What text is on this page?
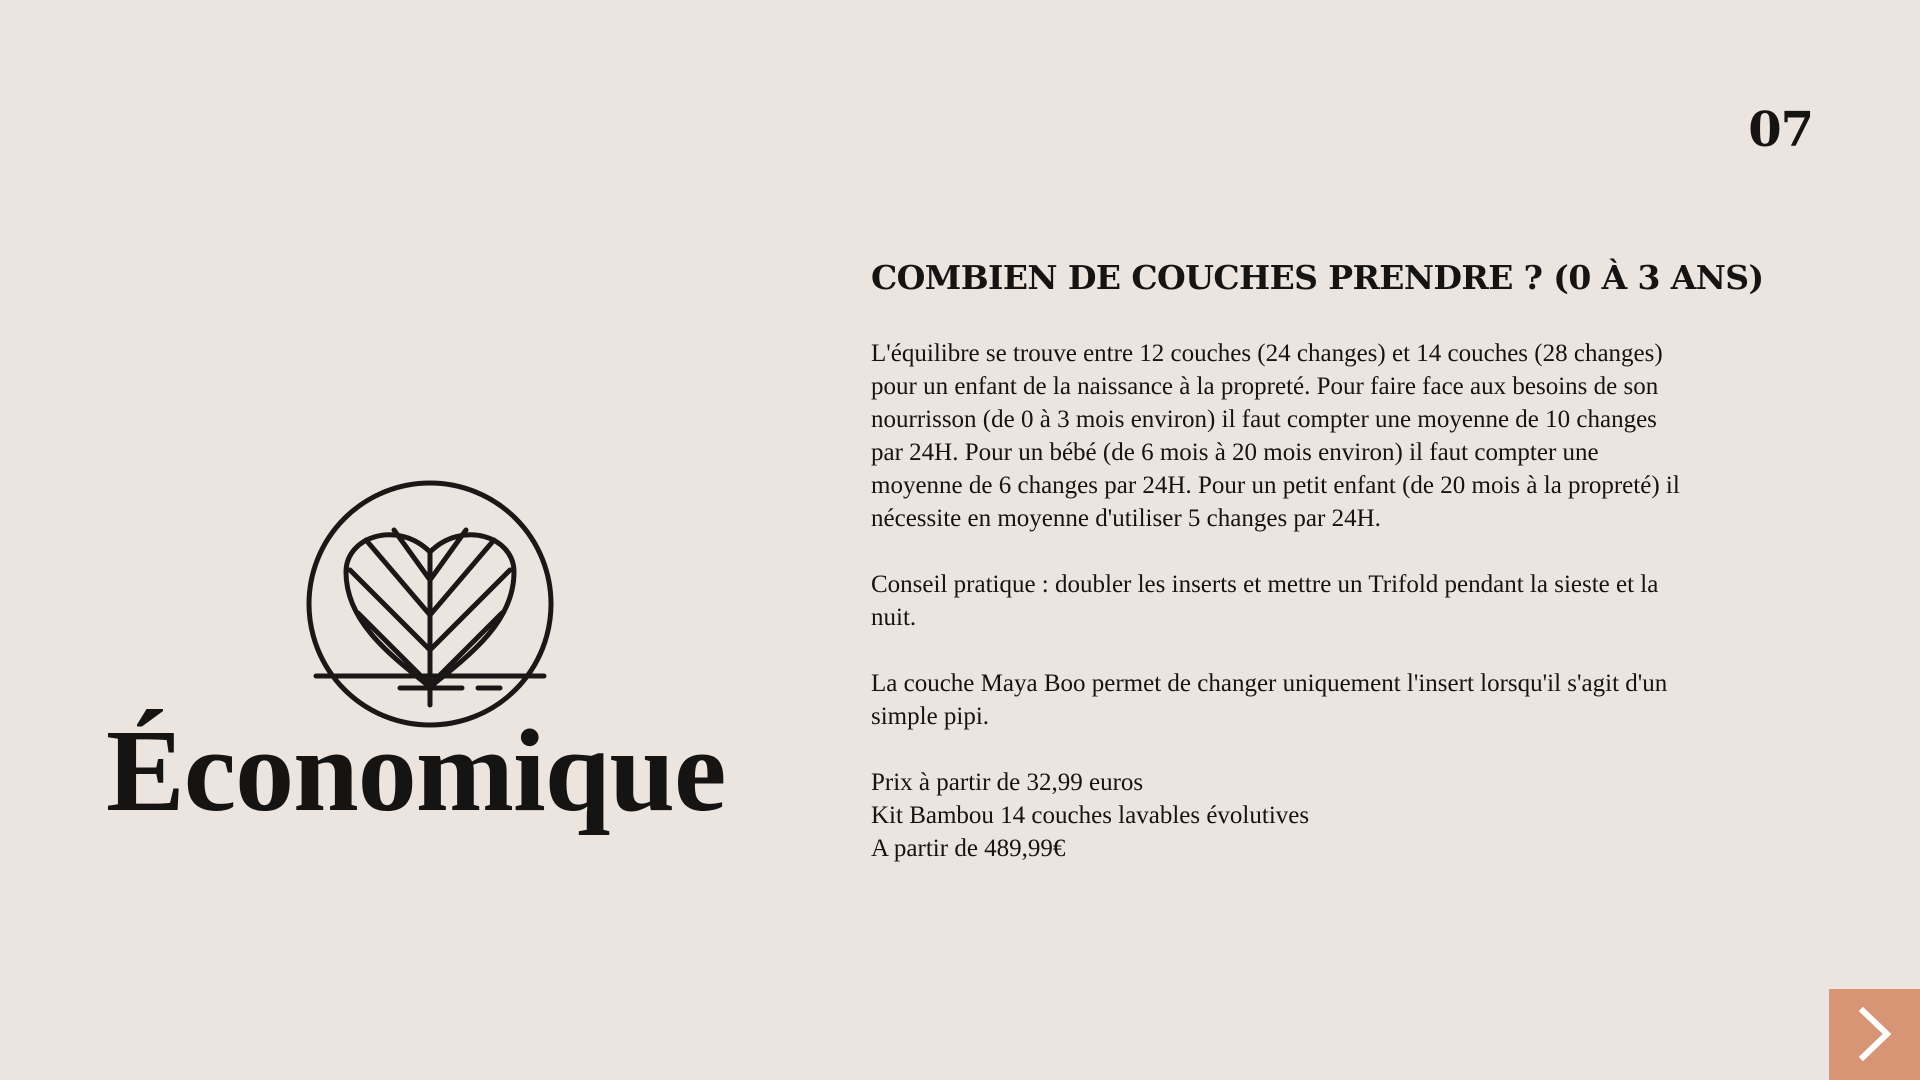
07
Économique
COMBIEN DE COUCHES PRENDRE ? (0 À 3 ANS)

L'équilibre se trouve entre 12 couches (24 changes) et 14 couches (28 changes) pour un enfant de la naissance à la propreté. Pour faire face aux besoins de son nourrisson (de 0 à 3 mois environ) il faut compter une moyenne de 10 changes par 24H. Pour un bébé (de 6 mois à 20 mois environ) il faut compter une moyenne de 6 changes par 24H. Pour un petit enfant (de 20 mois à la propreté) il nécessite en moyenne d'utiliser 5 changes par 24H.

Conseil pratique : doubler les inserts et mettre un Trifold pendant la sieste et la nuit.

La couche Maya Boo permet de changer uniquement l'insert lorsqu'il s'agit d'un simple pipi.

Prix à partir de 32,99 euros
Kit Bambou 14 couches lavables évolutives
A partir de 489,99€
